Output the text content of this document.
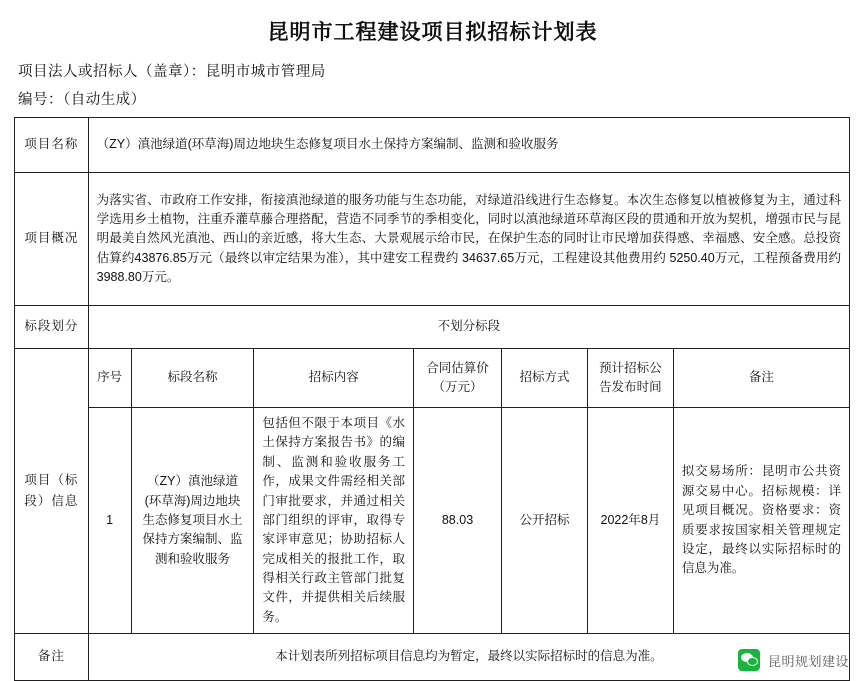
昆明市工程建设项目拟招标计划表
项目法人或招标人（盖章）：昆明市城市管理局
编号：（自动生成）
项目名称	（ZY）滇池绿道(环草海)周边地块生态修复项目水土保持方案编制、监测和验收服务						
项目概况	为落实省、市政府工作安排，衔接滇池绿道的服务功能与生态功能，对绿道沿线进行生态修复。本次生态修复以植被修复为主，通过科学选用乡土植物，注重乔灌草藤合理搭配，营造不同季节的季相变化，同时以滇池绿道环草海区段的贯通和开放为契机，增强市民与昆明最美自然风光滇池、西山的亲近感，将大生态、大景观展示给市民，在保护生态的同时让市民增加获得感、幸福感、安全感。总投资估算约43876.85万元（最终以审定结果为准），其中建安工程费约 34637.65万元，工程建设其他费用约 5250.40万元，工程预备费用约3988.80万元。						
标段划分	不划分标段						

项目（标段）信息	序号	标段名称	招标内容	合同估算价（万元）	招标方式	预计招标公告发布时间	备注
	1	（ZY）滇池绿道(环草海)周边地块生态修复项目水土保持方案编制、监测和验收服务	包括但不限于本项目《水土保持方案报告书》的编制、监测和验收服务工作，成果文件需经相关部门审批要求，并通过相关部门组织的评审，取得专家评审意见；协助招标人完成相关的报批工作，取得相关行政主管部门批复文件，并提供相关后续服务。	88.03	公开招标	2022年8月	拟交易场所：昆明市公共资源交易中心。招标规模：详见项目概况。资格要求：资质要求按国家相关管理规定设定，最终以实际招标时的信息为准。
备注	本计划表所列招标项目信息均为暂定，最终以实际招标时的信息为准。							昆明规划建设
